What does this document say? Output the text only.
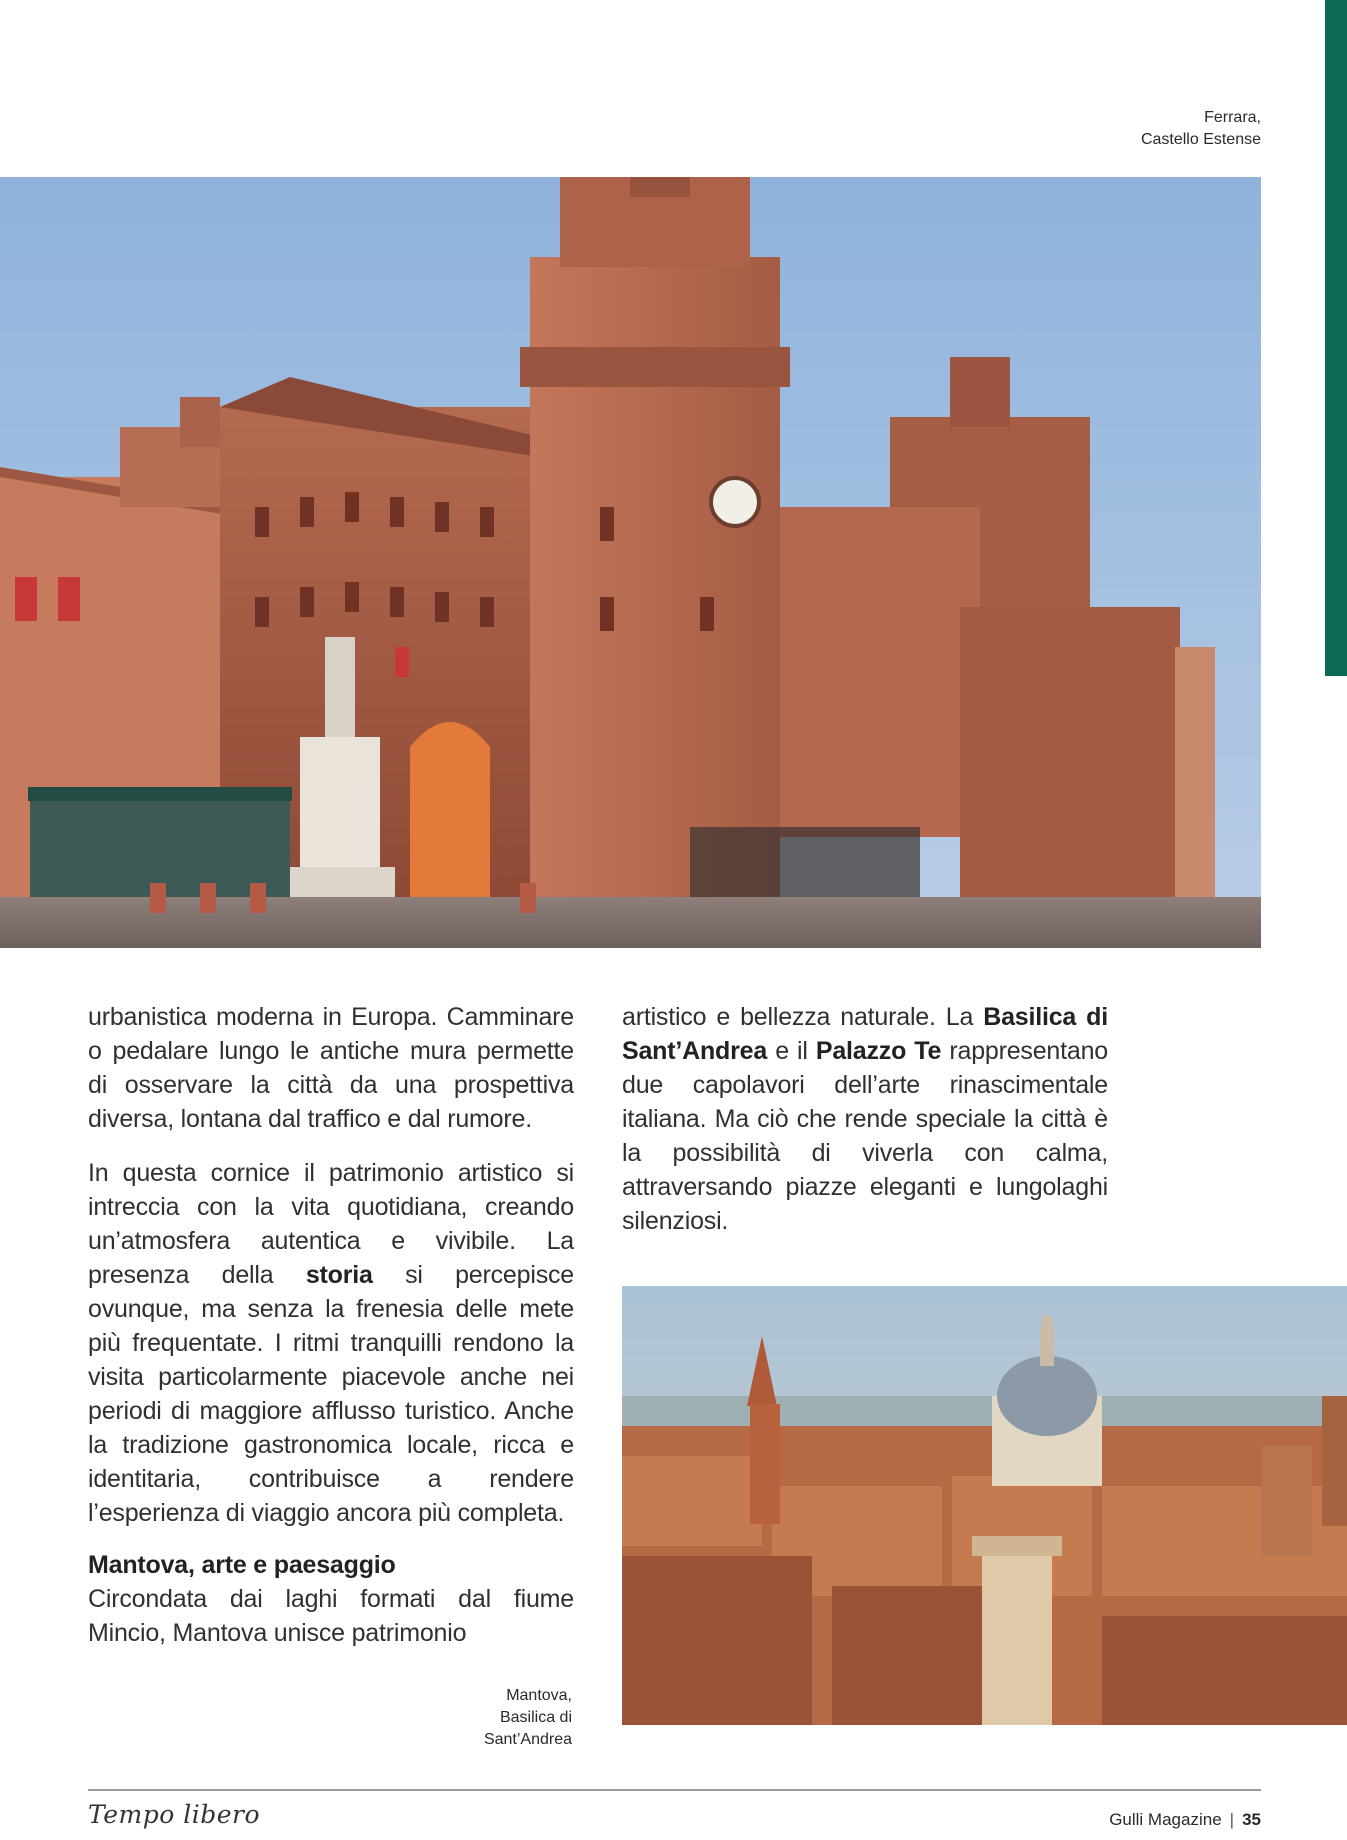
Ferrara,
Castello Estense

urbanistica moderna in Europa. Camminare o pedalare lungo le antiche mura permette di osservare la città da una prospettiva diversa, lontana dal traffico e dal rumore.

In questa cornice il patrimonio artistico si intreccia con la vita quotidiana, creando un’atmosfera autentica e vivibile. La presenza della storia si percepisce ovunque, ma senza la frenesia delle mete più frequentate. I ritmi tranquilli rendono la visita particolarmente piacevole anche nei periodi di maggiore afflusso turistico. Anche la tradizione gastronomica locale, ricca e identitaria, contribuisce a rendere l’esperienza di viaggio ancora più completa.

Mantova, arte e paesaggio

Circondata dai laghi formati dal fiume Mincio, Mantova unisce patrimonio

artistico e bellezza naturale. La Basilica di Sant’Andrea e il Palazzo Te rappresentano due capolavori dell’arte rinascimentale italiana. Ma ciò che rende speciale la città è la possibilità di viverla con calma, attraversando piazze eleganti e lungolaghi silenziosi.

Mantova,
Basilica di
Sant’Andrea
Tempo libero	Gulli Magazine | 35
